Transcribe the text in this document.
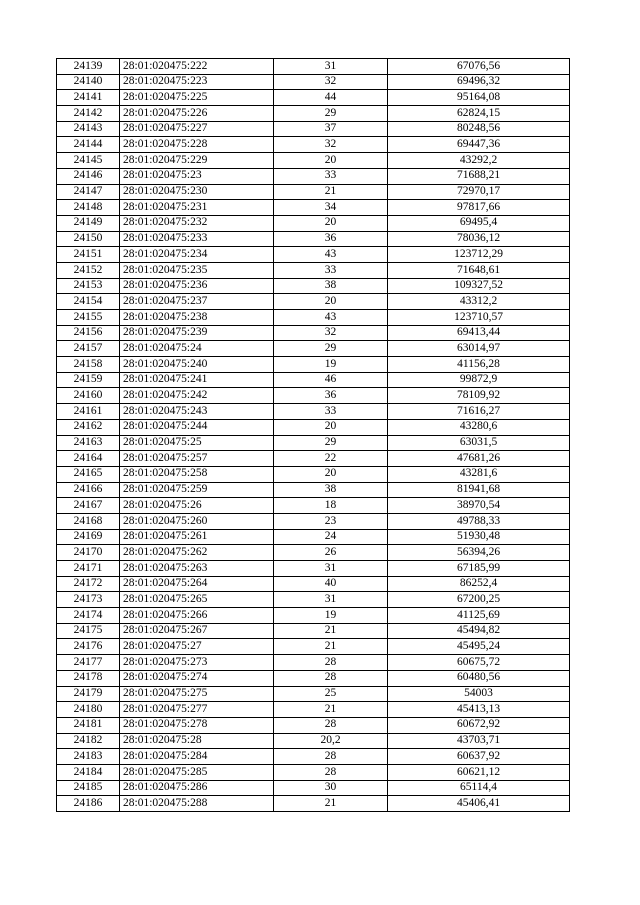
24139	28:01:020475:222	31	67076,56
24140	28:01:020475:223	32	69496,32
24141	28:01:020475:225	44	95164,08
24142	28:01:020475:226	29	62824,15
24143	28:01:020475:227	37	80248,56
24144	28:01:020475:228	32	69447,36
24145	28:01:020475:229	20	43292,2
24146	28:01:020475:23	33	71688,21
24147	28:01:020475:230	21	72970,17
24148	28:01:020475:231	34	97817,66
24149	28:01:020475:232	20	69495,4
24150	28:01:020475:233	36	78036,12
24151	28:01:020475:234	43	123712,29
24152	28:01:020475:235	33	71648,61
24153	28:01:020475:236	38	109327,52
24154	28:01:020475:237	20	43312,2
24155	28:01:020475:238	43	123710,57
24156	28:01:020475:239	32	69413,44
24157	28:01:020475:24	29	63014,97
24158	28:01:020475:240	19	41156,28
24159	28:01:020475:241	46	99872,9
24160	28:01:020475:242	36	78109,92
24161	28:01:020475:243	33	71616,27
24162	28:01:020475:244	20	43280,6
24163	28:01:020475:25	29	63031,5
24164	28:01:020475:257	22	47681,26
24165	28:01:020475:258	20	43281,6
24166	28:01:020475:259	38	81941,68
24167	28:01:020475:26	18	38970,54
24168	28:01:020475:260	23	49788,33
24169	28:01:020475:261	24	51930,48
24170	28:01:020475:262	26	56394,26
24171	28:01:020475:263	31	67185,99
24172	28:01:020475:264	40	86252,4
24173	28:01:020475:265	31	67200,25
24174	28:01:020475:266	19	41125,69
24175	28:01:020475:267	21	45494,82
24176	28:01:020475:27	21	45495,24
24177	28:01:020475:273	28	60675,72
24178	28:01:020475:274	28	60480,56
24179	28:01:020475:275	25	54003
24180	28:01:020475:277	21	45413,13
24181	28:01:020475:278	28	60672,92
24182	28:01:020475:28	20,2	43703,71
24183	28:01:020475:284	28	60637,92
24184	28:01:020475:285	28	60621,12
24185	28:01:020475:286	30	65114,4
24186	28:01:020475:288	21	45406,41
